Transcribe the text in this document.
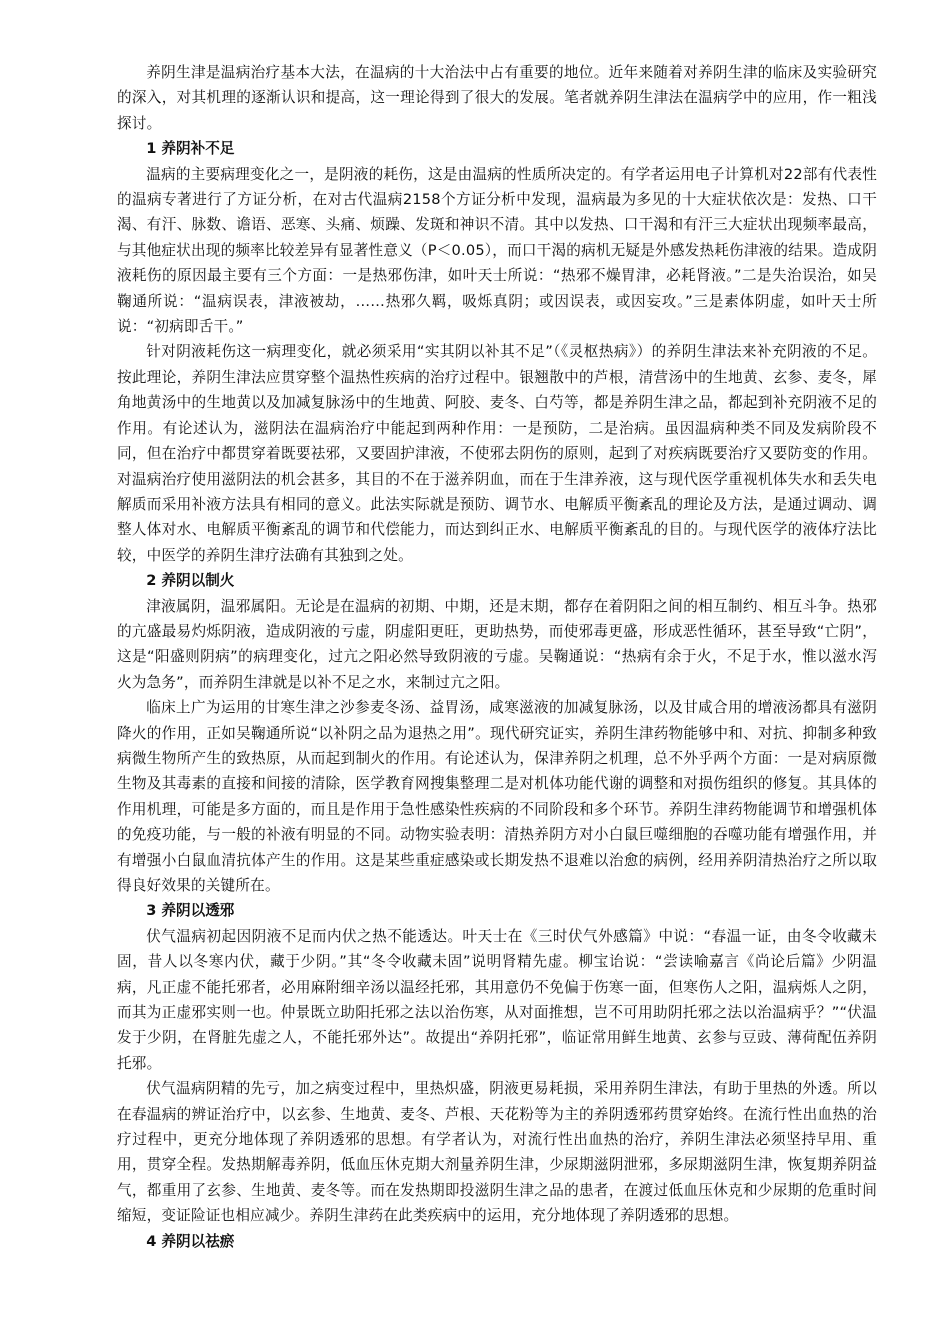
养阴生津是温病治疗基本大法，在温病的十大治法中占有重要的地位。近年来随着对养阴生津的临床及实验研究的深入，对其机理的逐渐认识和提高，这一理论得到了很大的发展。笔者就养阴生津法在温病学中的应用，作一粗浅探讨。

1 养阴补不足

温病的主要病理变化之一，是阴液的耗伤，这是由温病的性质所决定的。有学者运用电子计算机对22部有代表性的温病专著进行了方证分析，在对古代温病2158个方证分析中发现，温病最为多见的十大症状依次是：发热、口干渴、有汗、脉数、谵语、恶寒、头痛、烦躁、发斑和神识不清。其中以发热、口干渴和有汗三大症状出现频率最高，与其他症状出现的频率比较差异有显著性意义（P＜0.05），而口干渴的病机无疑是外感发热耗伤津液的结果。造成阴液耗伤的原因最主要有三个方面：一是热邪伤津，如叶天士所说：“热邪不燥胃津，必耗肾液。”二是失治误治，如吴鞠通所说：“温病误表，津液被劫，……热邪久羁，吸烁真阴；或因误表，或因妄攻。”三是素体阴虚，如叶天士所说：“初病即舌干。”

针对阴液耗伤这一病理变化，就必须采用“实其阴以补其不足”（《灵枢热病》）的养阴生津法来补充阴液的不足。按此理论，养阴生津法应贯穿整个温热性疾病的治疗过程中。银翘散中的芦根，清营汤中的生地黄、玄参、麦冬，犀角地黄汤中的生地黄以及加减复脉汤中的生地黄、阿胶、麦冬、白芍等，都是养阴生津之品，都起到补充阴液不足的作用。有论述认为，滋阴法在温病治疗中能起到两种作用：一是预防，二是治病。虽因温病种类不同及发病阶段不同，但在治疗中都贯穿着既要祛邪，又要固护津液，不使邪去阴伤的原则，起到了对疾病既要治疗又要防变的作用。对温病治疗使用滋阴法的机会甚多，其目的不在于滋养阴血，而在于生津养液，这与现代医学重视机体失水和丢失电解质而采用补液方法具有相同的意义。此法实际就是预防、调节水、电解质平衡紊乱的理论及方法，是通过调动、调整人体对水、电解质平衡紊乱的调节和代偿能力，而达到纠正水、电解质平衡紊乱的目的。与现代医学的液体疗法比较，中医学的养阴生津疗法确有其独到之处。

2 养阴以制火

津液属阴，温邪属阳。无论是在温病的初期、中期，还是末期，都存在着阴阳之间的相互制约、相互斗争。热邪的亢盛最易灼烁阴液，造成阴液的亏虚，阴虚阳更旺，更助热势，而使邪毒更盛，形成恶性循环，甚至导致“亡阴”，这是“阳盛则阴病”的病理变化，过亢之阳必然导致阴液的亏虚。吴鞠通说：“热病有余于火，不足于水，惟以滋水泻火为急务”，而养阴生津就是以补不足之水，来制过亢之阳。

临床上广为运用的甘寒生津之沙参麦冬汤、益胃汤，咸寒滋液的加减复脉汤，以及甘咸合用的增液汤都具有滋阴降火的作用，正如吴鞠通所说“以补阴之品为退热之用”。现代研究证实，养阴生津药物能够中和、对抗、抑制多种致病微生物所产生的致热原，从而起到制火的作用。有论述认为，保津养阴之机理，总不外乎两个方面：一是对病原微生物及其毒素的直接和间接的清除，医学教育网搜集整理二是对机体功能代谢的调整和对损伤组织的修复。其具体的作用机理，可能是多方面的，而且是作用于急性感染性疾病的不同阶段和多个环节。养阴生津药物能调节和增强机体的免疫功能，与一般的补液有明显的不同。动物实验表明：清热养阴方对小白鼠巨噬细胞的吞噬功能有增强作用，并有增强小白鼠血清抗体产生的作用。这是某些重症感染或长期发热不退难以治愈的病例，经用养阴清热治疗之所以取得良好效果的关键所在。

3 养阴以透邪

伏气温病初起因阴液不足而内伏之热不能透达。叶天士在《三时伏气外感篇》中说：“春温一证，由冬令收藏未固，昔人以冬寒内伏，藏于少阴。”其“冬令收藏未固”说明肾精先虚。柳宝诒说：“尝读喻嘉言《尚论后篇》少阴温病，凡正虚不能托邪者，必用麻附细辛汤以温经托邪，其用意仍不免偏于伤寒一面，但寒伤人之阳，温病烁人之阴，而其为正虚邪实则一也。仲景既立助阳托邪之法以治伤寒，从对面推想，岂不可用助阴托邪之法以治温病乎？”“伏温发于少阴，在肾脏先虚之人，不能托邪外达”。故提出“养阴托邪”，临证常用鲜生地黄、玄参与豆豉、薄荷配伍养阴托邪。

伏气温病阴精的先亏，加之病变过程中，里热炽盛，阴液更易耗损，采用养阴生津法，有助于里热的外透。所以在春温病的辨证治疗中，以玄参、生地黄、麦冬、芦根、天花粉等为主的养阴透邪药贯穿始终。在流行性出血热的治疗过程中，更充分地体现了养阴透邪的思想。有学者认为，对流行性出血热的治疗，养阴生津法必须坚持早用、重用，贯穿全程。发热期解毒养阴，低血压休克期大剂量养阴生津，少尿期滋阴泄邪，多尿期滋阴生津，恢复期养阴益气，都重用了玄参、生地黄、麦冬等。而在发热期即投滋阴生津之品的患者，在渡过低血压休克和少尿期的危重时间缩短，变证险证也相应减少。养阴生津药在此类疾病中的运用，充分地体现了养阴透邪的思想。

4 养阴以祛瘀
